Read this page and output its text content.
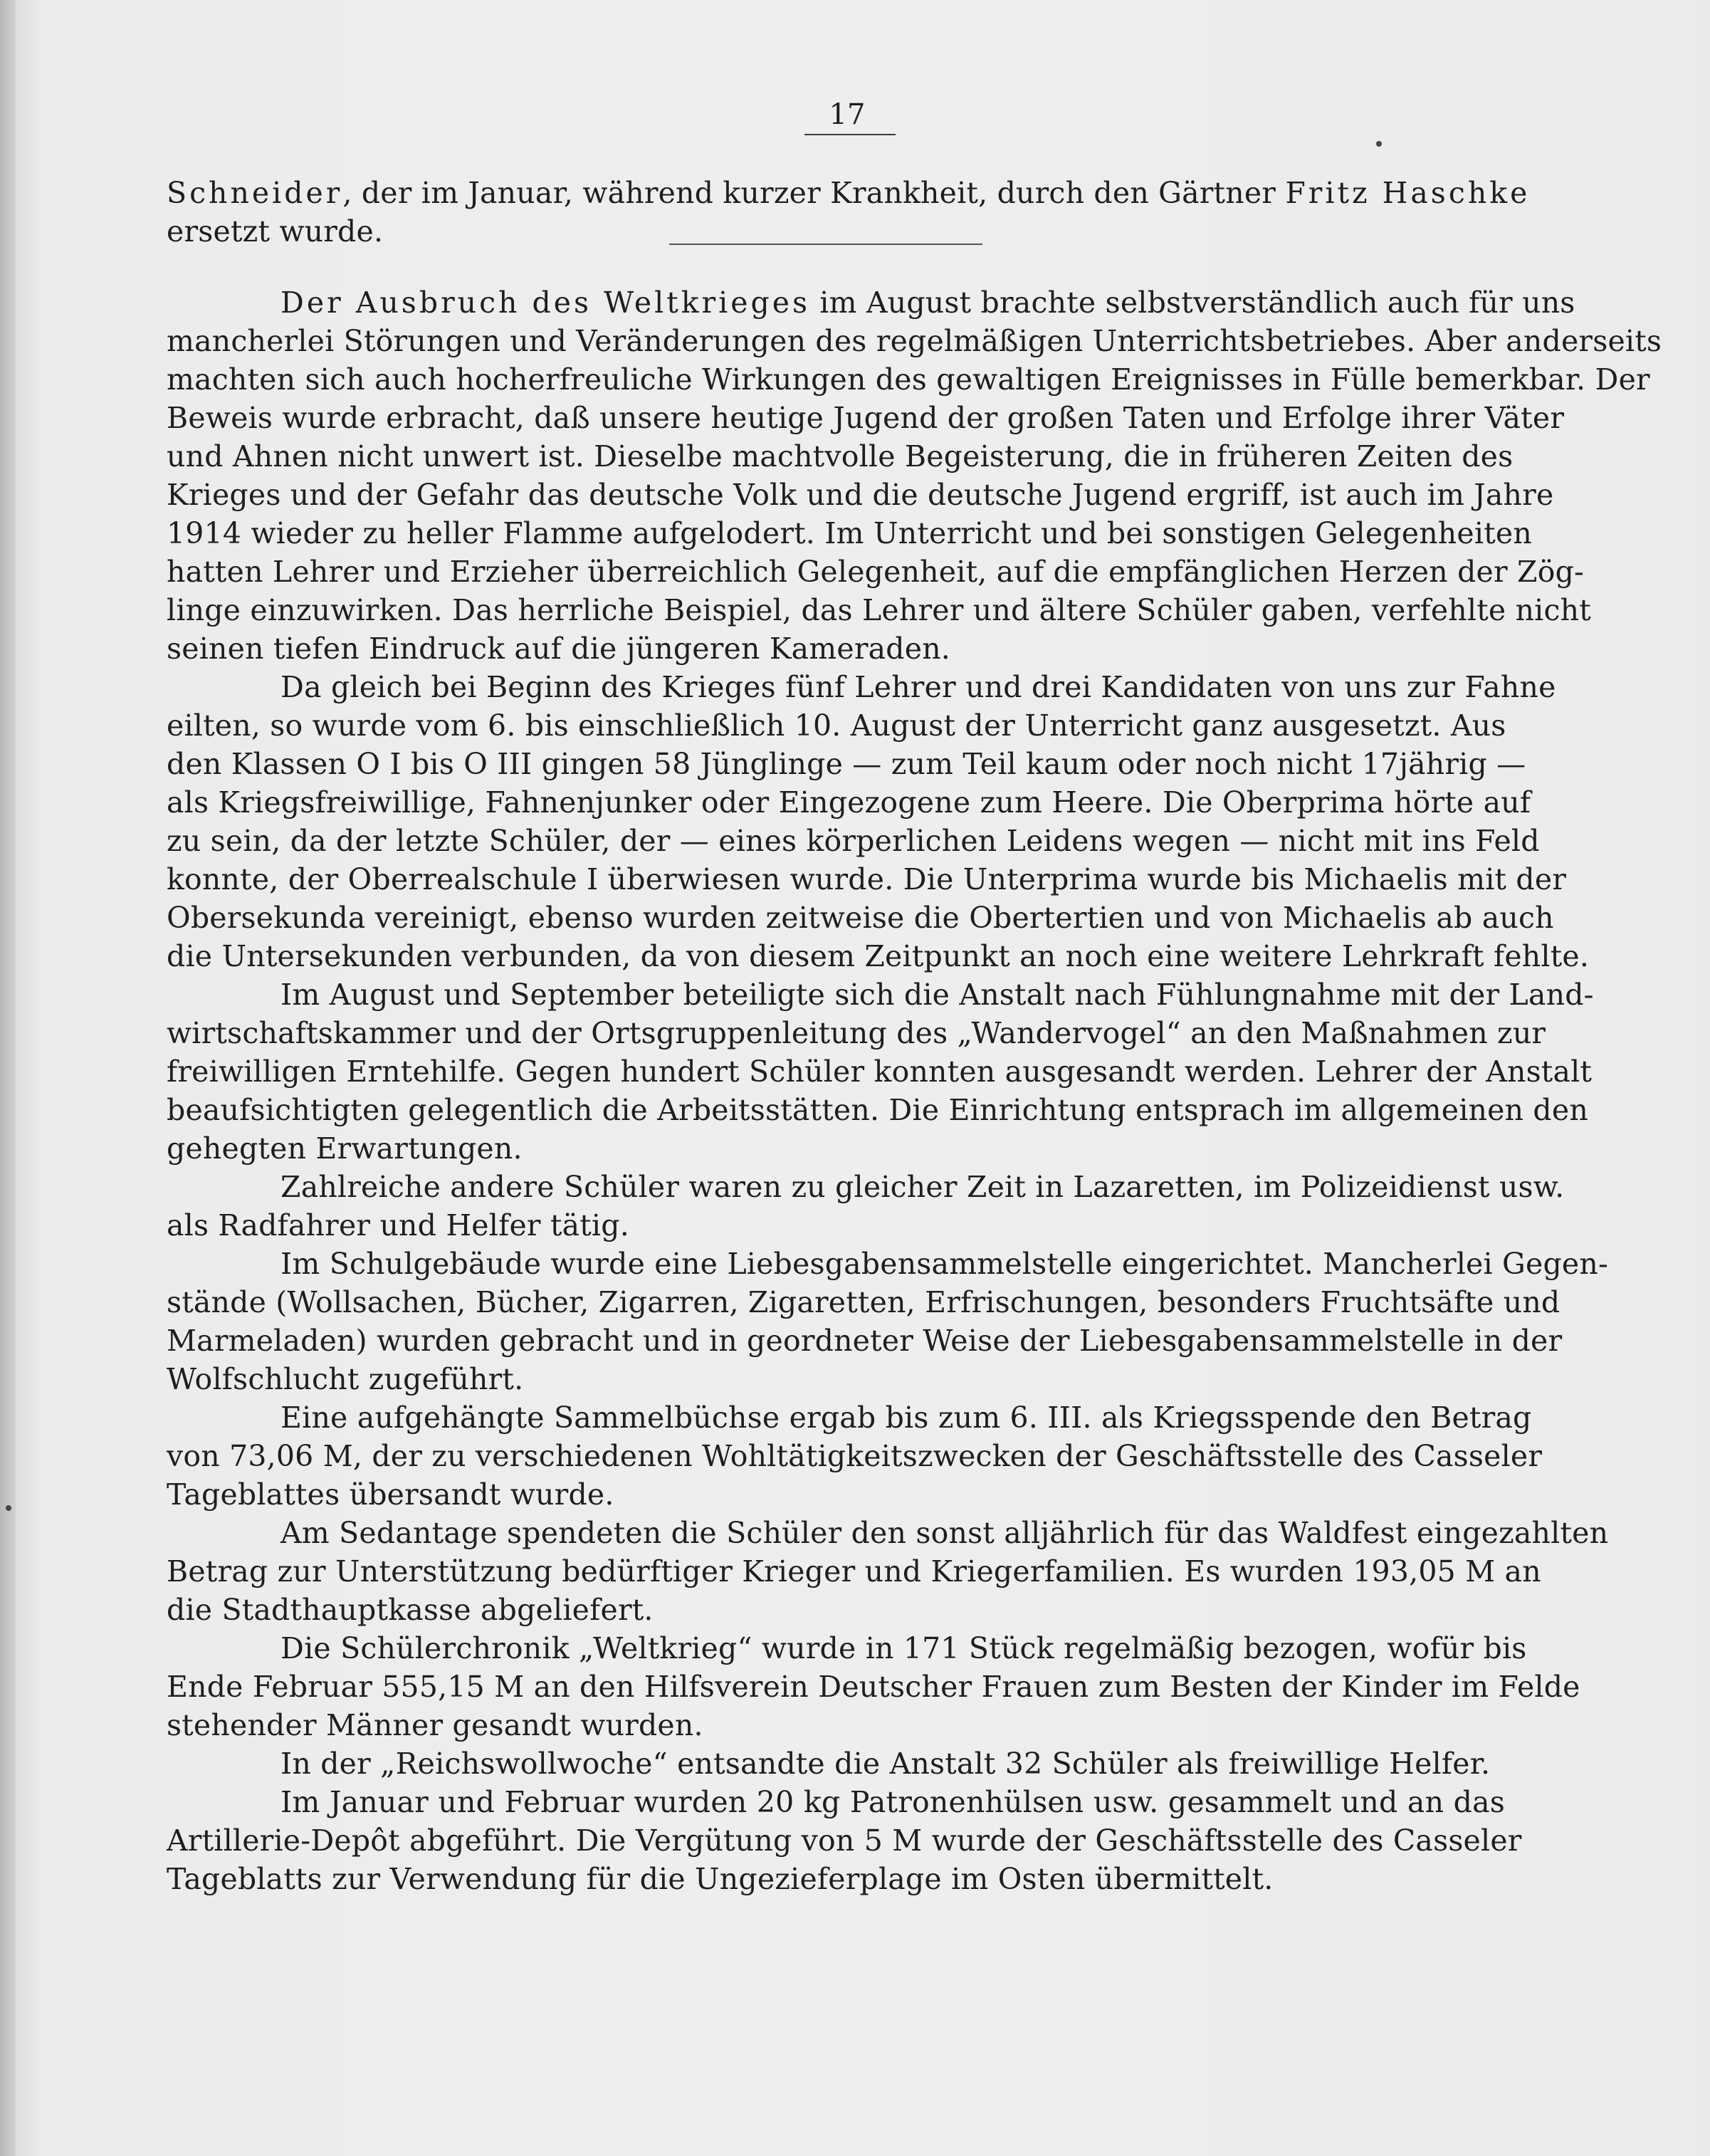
17
Schneider, der im Januar, während kurzer Krankheit, durch den Gärtner Fritz Haschke
ersetzt wurde.
Der Ausbruch des Weltkrieges im August brachte selbstverständlich auch für uns
mancherlei Störungen und Veränderungen des regelmäßigen Unterrichtsbetriebes. Aber anderseits
machten sich auch hocherfreuliche Wirkungen des gewaltigen Ereignisses in Fülle bemerkbar. Der
Beweis wurde erbracht, daß unsere heutige Jugend der großen Taten und Erfolge ihrer Väter
und Ahnen nicht unwert ist. Dieselbe machtvolle Begeisterung, die in früheren Zeiten des
Krieges und der Gefahr das deutsche Volk und die deutsche Jugend ergriff, ist auch im Jahre
1914 wieder zu heller Flamme aufgelodert. Im Unterricht und bei sonstigen Gelegenheiten
hatten Lehrer und Erzieher überreichlich Gelegenheit, auf die empfänglichen Herzen der Zög-
linge einzuwirken. Das herrliche Beispiel, das Lehrer und ältere Schüler gaben, verfehlte nicht
seinen tiefen Eindruck auf die jüngeren Kameraden.
Da gleich bei Beginn des Krieges fünf Lehrer und drei Kandidaten von uns zur Fahne
eilten, so wurde vom 6. bis einschließlich 10. August der Unterricht ganz ausgesetzt. Aus
den Klassen O I bis O III gingen 58 Jünglinge — zum Teil kaum oder noch nicht 17jährig —
als Kriegsfreiwillige, Fahnenjunker oder Eingezogene zum Heere. Die Oberprima hörte auf
zu sein, da der letzte Schüler, der — eines körperlichen Leidens wegen — nicht mit ins Feld
konnte, der Oberrealschule I überwiesen wurde. Die Unterprima wurde bis Michaelis mit der
Obersekunda vereinigt, ebenso wurden zeitweise die Obertertien und von Michaelis ab auch
die Untersekunden verbunden, da von diesem Zeitpunkt an noch eine weitere Lehrkraft fehlte.
Im August und September beteiligte sich die Anstalt nach Fühlungnahme mit der Land-
wirtschaftskammer und der Ortsgruppenleitung des „Wandervogel“ an den Maßnahmen zur
freiwilligen Erntehilfe. Gegen hundert Schüler konnten ausgesandt werden. Lehrer der Anstalt
beaufsichtigten gelegentlich die Arbeitsstätten. Die Einrichtung entsprach im allgemeinen den
gehegten Erwartungen.
Zahlreiche andere Schüler waren zu gleicher Zeit in Lazaretten, im Polizeidienst usw.
als Radfahrer und Helfer tätig.
Im Schulgebäude wurde eine Liebesgabensammelstelle eingerichtet. Mancherlei Gegen-
stände (Wollsachen, Bücher, Zigarren, Zigaretten, Erfrischungen, besonders Fruchtsäfte und
Marmeladen) wurden gebracht und in geordneter Weise der Liebesgabensammelstelle in der
Wolfschlucht zugeführt.
Eine aufgehängte Sammelbüchse ergab bis zum 6. III. als Kriegsspende den Betrag
von 73,06 M, der zu verschiedenen Wohltätigkeitszwecken der Geschäftsstelle des Casseler
Tageblattes übersandt wurde.
Am Sedantage spendeten die Schüler den sonst alljährlich für das Waldfest eingezahlten
Betrag zur Unterstützung bedürftiger Krieger und Kriegerfamilien. Es wurden 193,05 M an
die Stadthauptkasse abgeliefert.
Die Schülerchronik „Weltkrieg“ wurde in 171 Stück regelmäßig bezogen, wofür bis
Ende Februar 555,15 M an den Hilfsverein Deutscher Frauen zum Besten der Kinder im Felde
stehender Männer gesandt wurden.
In der „Reichswollwoche“ entsandte die Anstalt 32 Schüler als freiwillige Helfer.
Im Januar und Februar wurden 20 kg Patronenhülsen usw. gesammelt und an das
Artillerie-Depôt abgeführt. Die Vergütung von 5 M wurde der Geschäftsstelle des Casseler
Tageblatts zur Verwendung für die Ungezieferplage im Osten übermittelt.
